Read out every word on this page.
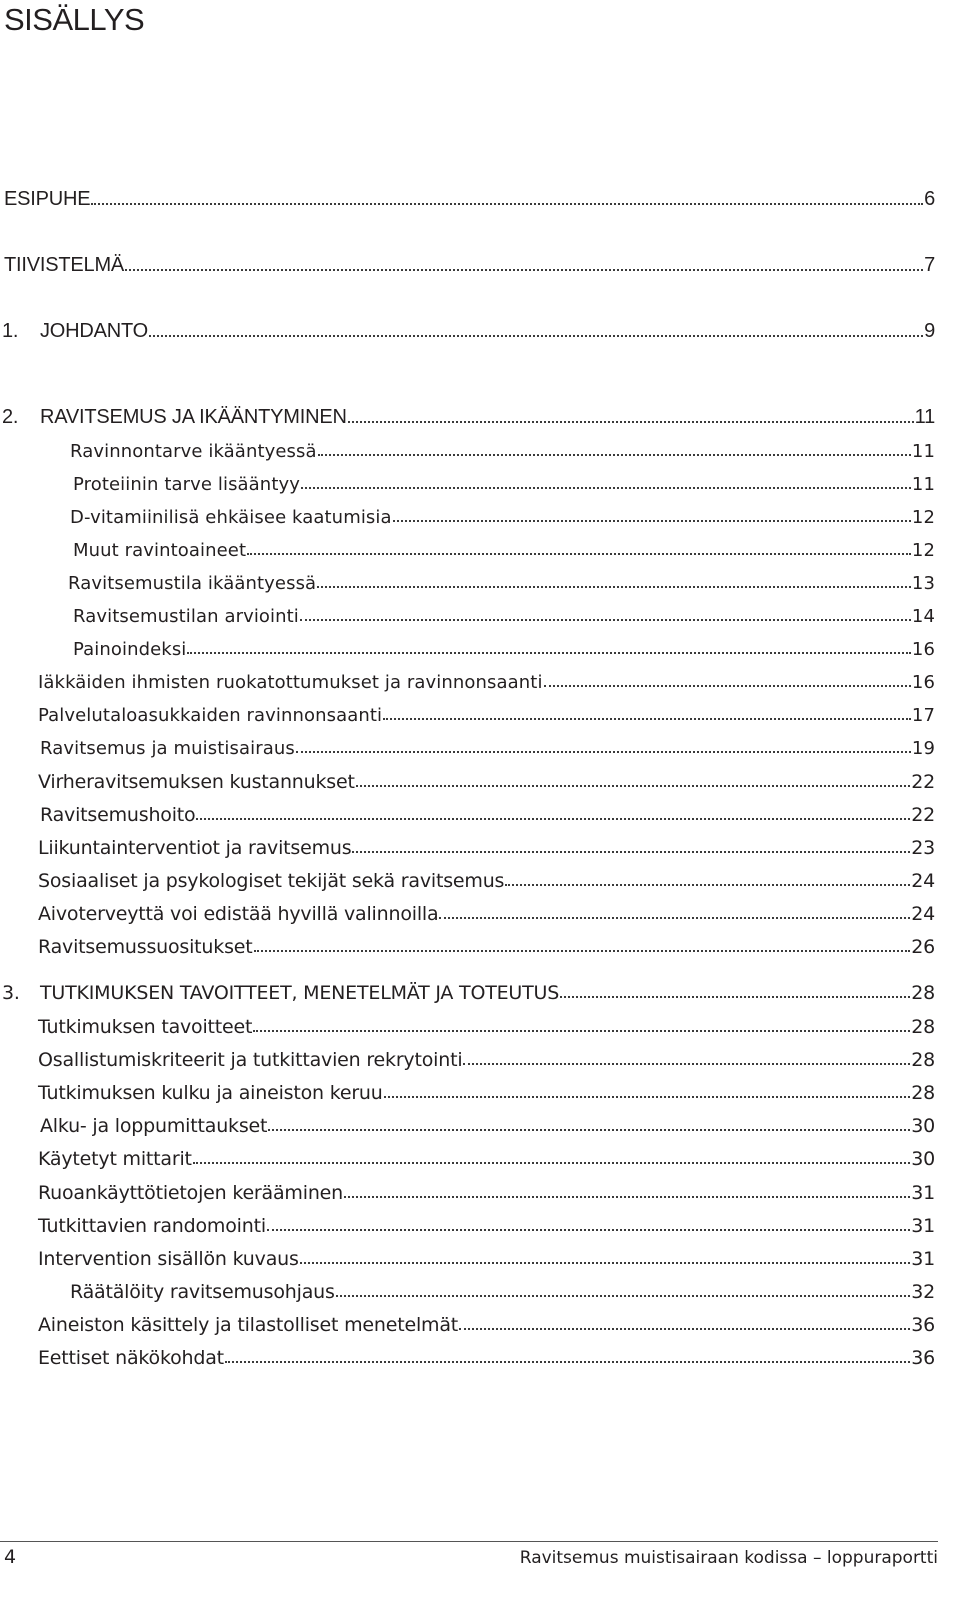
SISÄLLYS
ESIPUHE	6
TIIVISTELMÄ	7
1.	JOHDANTO	9
2.	RAVITSEMUS JA IKÄÄNTYMINEN	11
Ravinnontarve ikääntyessä	11
Proteiinin tarve lisääntyy	11
D-vitamiinilisä ehkäisee kaatumisia	12
Muut ravintoaineet	12
Ravitsemustila ikääntyessä	13
Ravitsemustilan arviointi	14
Painoindeksi	16
Iäkkäiden ihmisten ruokatottumukset ja ravinnonsaanti	16
Palvelutaloasukkaiden ravinnonsaanti	17
Ravitsemus ja muistisairaus	19
Virheravitsemuksen kustannukset	22
Ravitsemushoito	22
Liikuntainterventiot ja ravitsemus	23
Sosiaaliset ja psykologiset tekijät sekä ravitsemus	24
Aivoterveyttä voi edistää hyvillä valinnoilla	24
Ravitsemussuositukset	26
3.	TUTKIMUKSEN TAVOITTEET, MENETELMÄT JA TOTEUTUS	28
Tutkimuksen tavoitteet	28
Osallistumiskriteerit ja tutkittavien rekrytointi	28
Tutkimuksen kulku ja aineiston keruu	28
Alku- ja loppumittaukset	30
Käytetyt mittarit	30
Ruoankäyttötietojen kerääminen	31
Tutkittavien randomointi	31
Intervention sisällön kuvaus	31
Räätälöity ravitsemusohjaus	32
Aineiston käsittely ja tilastolliset menetelmät	36
Eettiset näkökohdat	36
4	Ravitsemus muistisairaan kodissa – loppuraportti
